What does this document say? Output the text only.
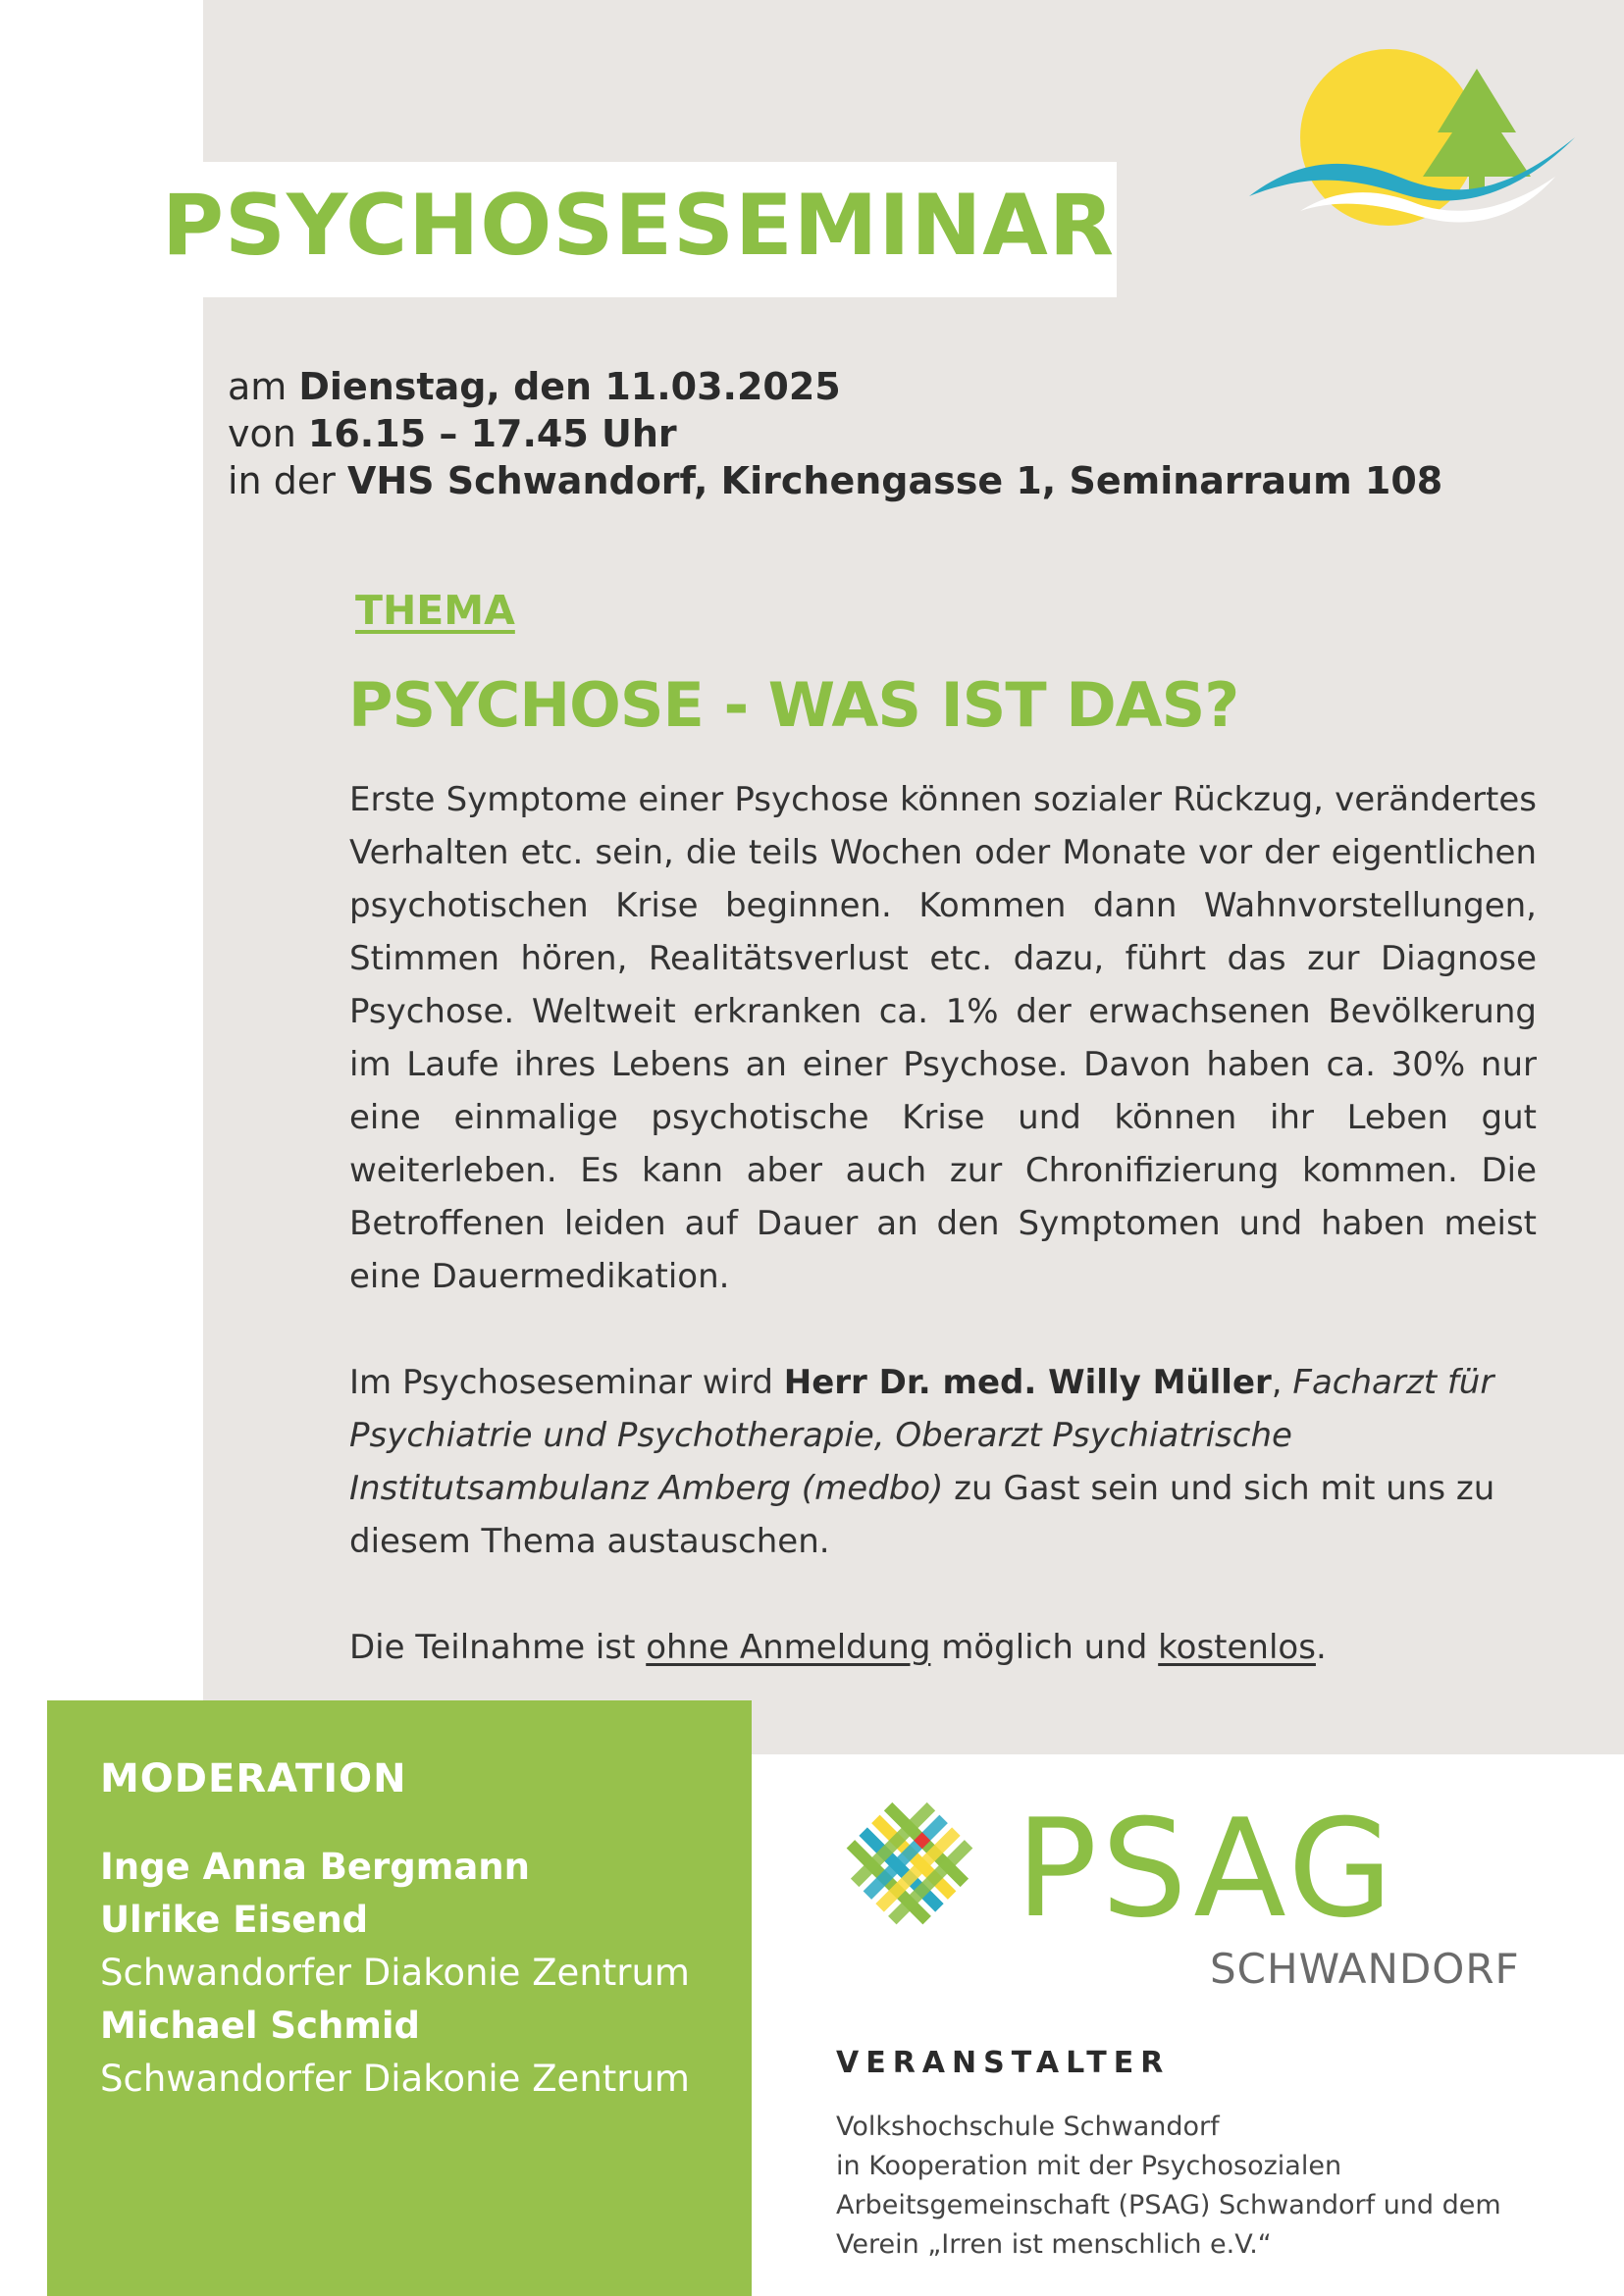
PSYCHOSESEMINAR
am Dienstag, den 11.03.2025
von 16.15 – 17.45 Uhr
in der VHS Schwandorf, Kirchengasse 1, Seminarraum 108
THEMA
PSYCHOSE - WAS IST DAS?

Erste Symptome einer Psychose können sozialer Rückzug, verändertes Verhalten etc. sein, die teils Wochen oder Monate vor der eigentlichen psychotischen Krise beginnen. Kommen dann Wahnvorstellungen, Stimmen hören, Realitätsverlust etc. dazu, führt das zur Diagnose Psychose. Weltweit erkranken ca. 1% der erwachsenen Bevölkerung im Laufe ihres Lebens an einer Psychose. Davon haben ca. 30% nur eine einmalige psychotische Krise und können ihr Leben gut weiterleben. Es kann aber auch zur Chronifizierung kommen. Die Betroffenen leiden auf Dauer an den Symptomen und haben meist eine Dauermedikation.

Im Psychoseseminar wird Herr Dr. med. Willy Müller, Facharzt für Psychiatrie und Psychotherapie, Oberarzt Psychiatrische Institutsambulanz Amberg (medbo) zu Gast sein und sich mit uns zu diesem Thema austauschen.

Die Teilnahme ist ohne Anmeldung möglich und kostenlos.

MODERATION
Inge Anna Bergmann
Ulrike Eisend
Schwandorfer Diakonie Zentrum
Michael Schmid
Schwandorfer Diakonie Zentrum
PSAG
SCHWANDORF
VERANSTALTER
Volkshochschule Schwandorf
in Kooperation mit der Psychosozialen
Arbeitsgemeinschaft (PSAG) Schwandorf und dem
Verein „Irren ist menschlich e.V.“
